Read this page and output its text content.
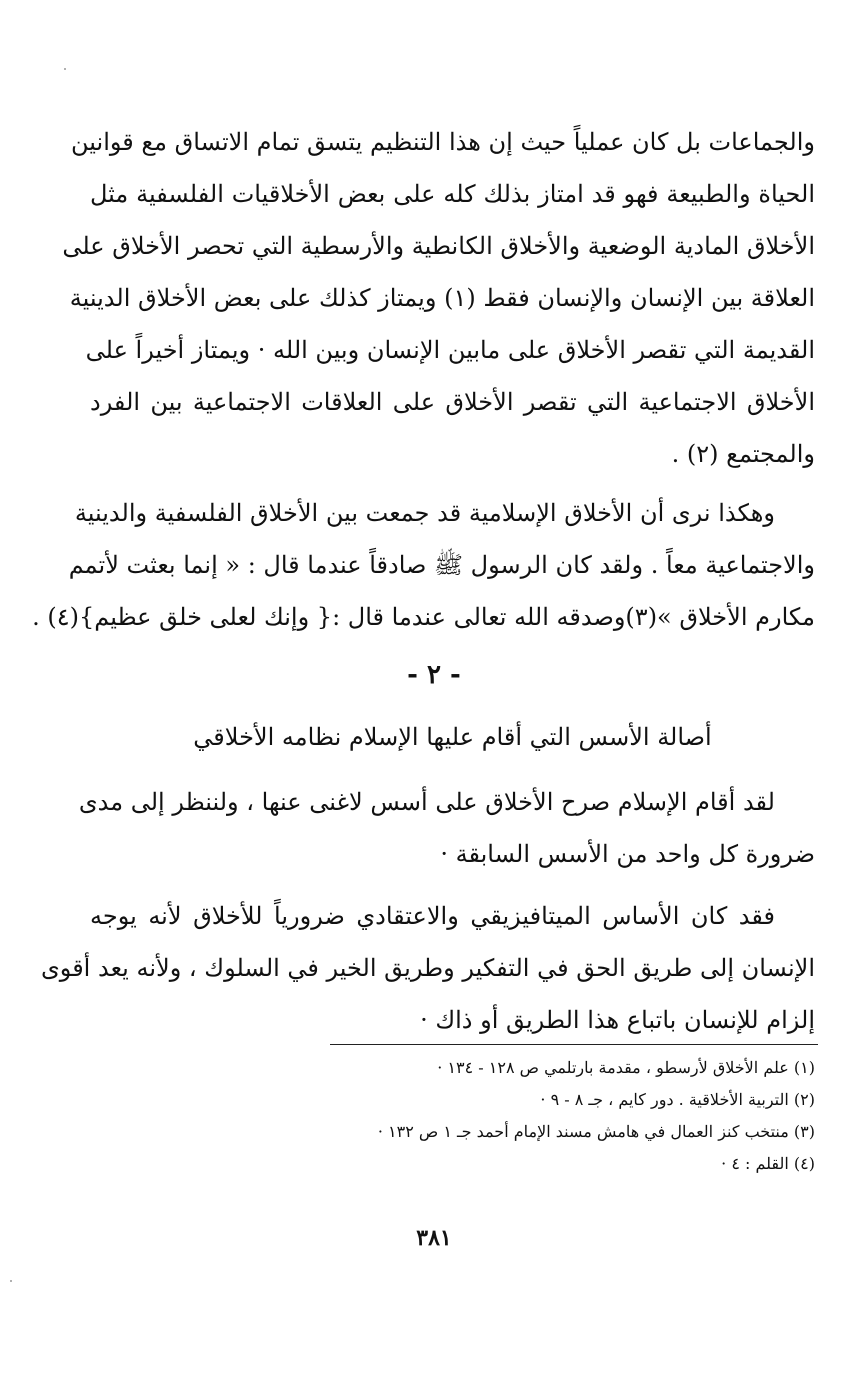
والجماعات بل كان عملياً حيث إن هذا التنظيم يتسق تمام الاتساق مع قوانين
الحياة والطبيعة فهو قد امتاز بذلك كله على بعض الأخلاقيات الفلسفية مثل
الأخلاق المادية الوضعية والأخلاق الكانطية والأرسطية التي تحصر الأخلاق على
العلاقة بين الإنسان والإنسان فقط (١) ويمتاز كذلك على بعض الأخلاق الدينية
القديمة التي تقصر الأخلاق على مابين الإنسان وبين الله · ويمتاز أخيراً على
الأخلاق الاجتماعية التي تقصر الأخلاق على العلاقات الاجتماعية بين الفرد
والمجتمع (٢) .
وهكذا نرى أن الأخلاق الإسلامية قد جمعت بين الأخلاق الفلسفية والدينية
والاجتماعية معاً . ولقد كان الرسول ﷺ صادقاً عندما قال : « إنما بعثت لأتمم
مكارم الأخلاق »(٣)وصدقه الله تعالى عندما قال :{ وإنك لعلى خلق عظيم}(٤) .
- ٢ -
أصالة الأسس التي أقام عليها الإسلام نظامه الأخلاقي
لقد أقام الإسلام صرح الأخلاق على أسس لاغنى عنها ، ولننظر إلى مدى
ضرورة كل واحد من الأسس السابقة ·
فقد كان الأساس الميتافيزيقي والاعتقادي ضرورياً للأخلاق لأنه يوجه
الإنسان إلى طريق الحق في التفكير وطريق الخير في السلوك ، ولأنه يعد أقوى
إلزام للإنسان باتباع هذا الطريق أو ذاك ·
(١) علم الأخلاق لأرسطو ، مقدمة بارتلمي ص ١٢٨ - ١٣٤ ·
(٢) التربية الأخلاقية . دور كايم ، جـ ٨ - ٩ ·
(٣) منتخب كنز العمال في هامش مسند الإمام أحمد جـ ١ ص ١٣٢ ·
(٤) القلم : ٤ ·
٣٨١
